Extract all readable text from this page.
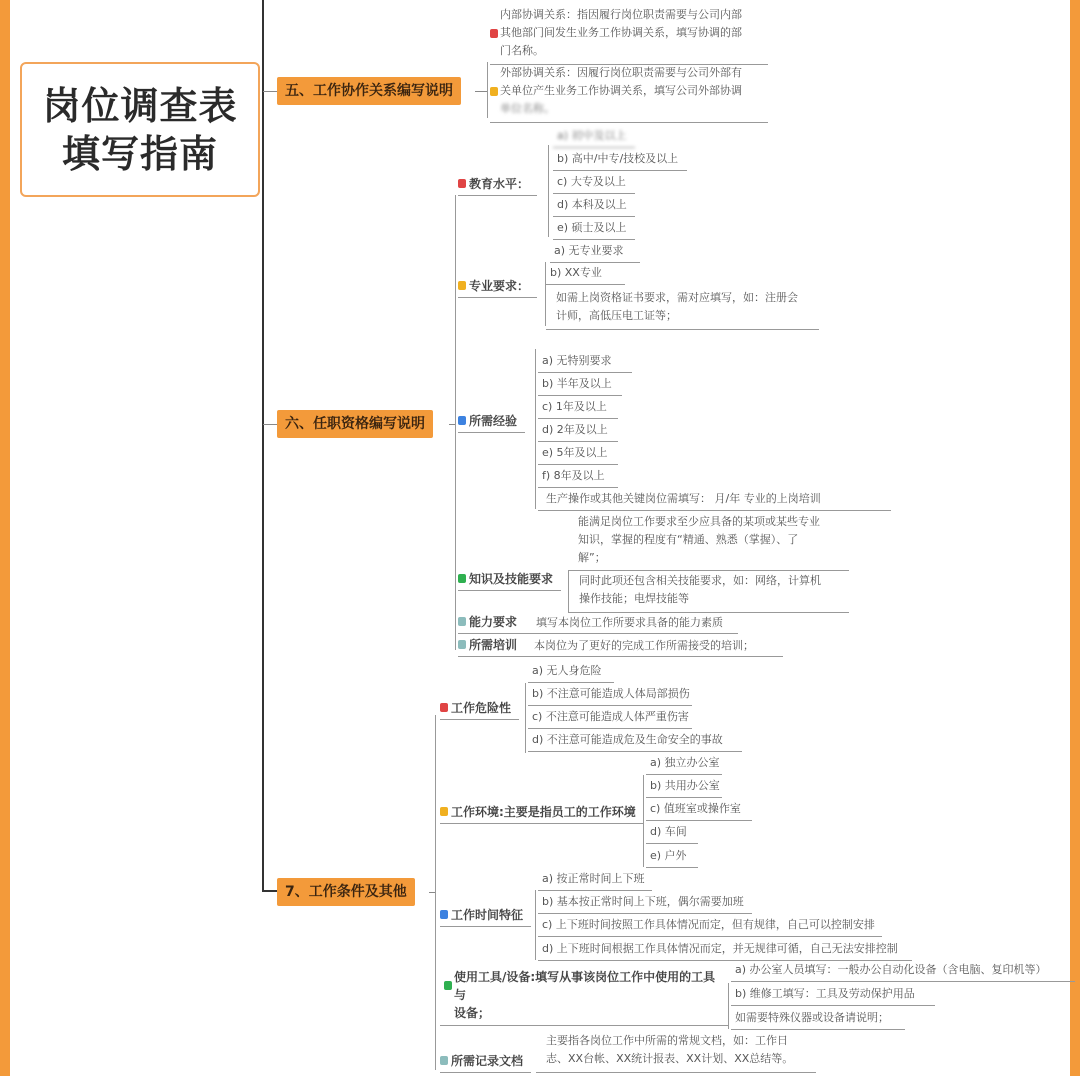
岗位调查表
填写指南
五、工作协作关系编写说明
内部协调关系：指因履行岗位职责需要与公司内部
其他部门间发生业务工作协调关系，填写协调的部
门名称。
外部协调关系：因履行岗位职责需要与公司外部有
关单位产生业务工作协调关系，填写公司外部协调
单位名称。
六、任职资格编写说明
教育水平：
a) 初中及以上
b) 高中/中专/技校及以上
c) 大专及以上
d) 本科及以上
e) 硕士及以上
专业要求：
a) 无专业要求
b) XX专业
如需上岗资格证书要求，需对应填写，如：注册会
计师，高低压电工证等；
所需经验
a) 无特别要求
b) 半年及以上
c) 1年及以上
d) 2年及以上
e) 5年及以上
f) 8年及以上
生产操作或其他关键岗位需填写： 月/年 专业的上岗培训
知识及技能要求
能满足岗位工作要求至少应具备的某项或某些专业
知识，掌握的程度有“精通、熟悉（掌握）、了
解”；
同时此项还包含相关技能要求，如：网络，计算机
操作技能；电焊技能等
能力要求 填写本岗位工作所要求具备的能力素质
所需培训 本岗位为了更好的完成工作所需接受的培训；
7、工作条件及其他
工作危险性
a) 无人身危险
b) 不注意可能造成人体局部损伤
c) 不注意可能造成人体严重伤害
d) 不注意可能造成危及生命安全的事故
工作环境:主要是指员工的工作环境
a) 独立办公室
b) 共用办公室
c) 值班室或操作室
d) 车间
e) 户外
工作时间特征
a) 按正常时间上下班
b) 基本按正常时间上下班，偶尔需要加班
c) 上下班时间按照工作具体情况而定，但有规律，自己可以控制安排
d) 上下班时间根据工作具体情况而定，并无规律可循，自己无法安排控制
使用工具/设备:填写从事该岗位工作中使用的工具与
设备；
a) 办公室人员填写：一般办公自动化设备（含电脑、复印机等）
b) 维修工填写：工具及劳动保护用品
如需要特殊仪器或设备请说明；
所需记录文档
主要指各岗位工作中所需的常规文档，如：工作日
志、XX台帐、XX统计报表、XX计划、XX总结等。
